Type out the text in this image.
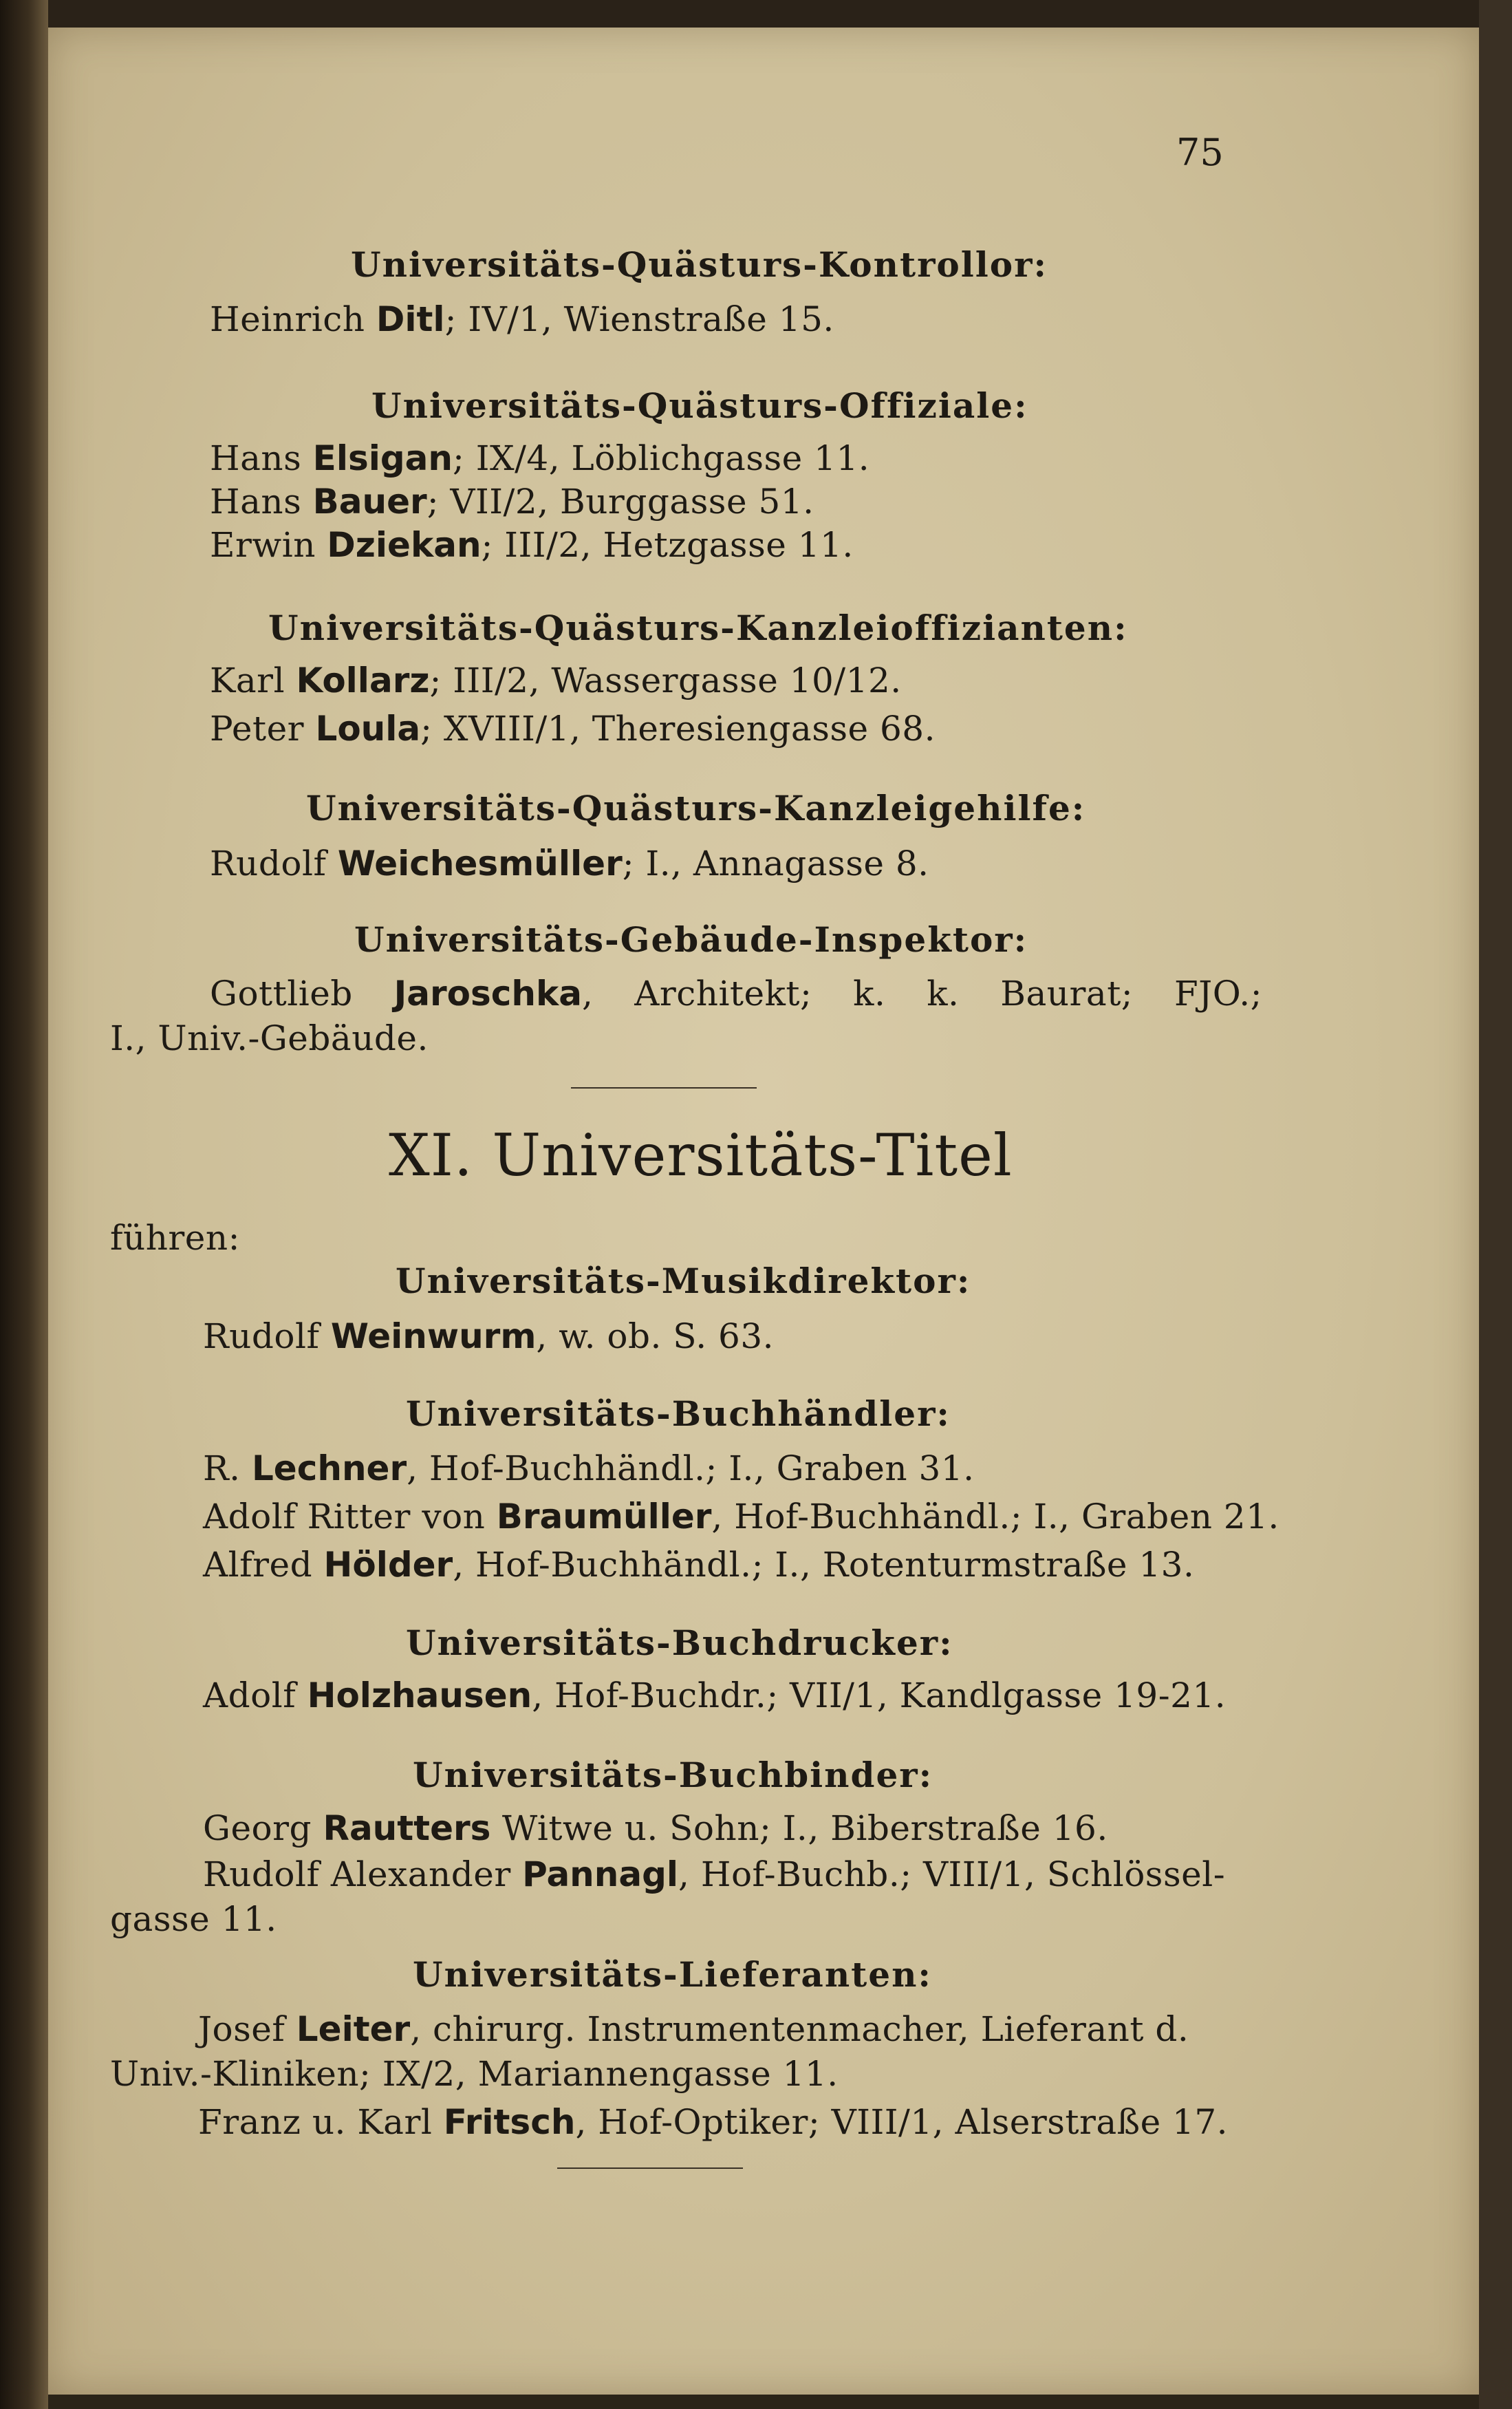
75
Universitäts-Quästurs-Kontrollor:
Heinrich Ditl; IV/1, Wienstraße 15.
Universitäts-Quästurs-Offiziale:
Hans Elsigan; IX/4, Löblichgasse 11.
Hans Bauer; VII/2, Burggasse 51.
Erwin Dziekan; III/2, Hetzgasse 11.
Universitäts-Quästurs-Kanzleioffizianten:
Karl Kollarz; III/2, Wassergasse 10/12.
Peter Loula; XVIII/1, Theresiengasse 68.
Universitäts-Quästurs-Kanzleigehilfe:
Rudolf Weichesmüller; I., Annagasse 8.
Universitäts-Gebäude-Inspektor:
Gottlieb Jaroschka, Architekt; k. k. Baurat; FJO.;
I., Univ.-Gebäude.
XI. Universitäts-Titel
führen:
Universitäts-Musikdirektor:
Rudolf Weinwurm, w. ob. S. 63.
Universitäts-Buchhändler:
R. Lechner, Hof-Buchhändl.; I., Graben 31.
Adolf Ritter von Braumüller, Hof-Buchhändl.; I., Graben 21.
Alfred Hölder, Hof-Buchhändl.; I., Rotenturmstraße 13.
Universitäts-Buchdrucker:
Adolf Holzhausen, Hof-Buchdr.; VII/1, Kandlgasse 19-21.
Universitäts-Buchbinder:
Georg Rautters Witwe u. Sohn; I., Biberstraße 16.
Rudolf Alexander Pannagl, Hof-Buchb.; VIII/1, Schlössel-
gasse 11.
Universitäts-Lieferanten:
Josef Leiter, chirurg. Instrumentenmacher, Lieferant d.
Univ.-Kliniken; IX/2, Mariannengasse 11.
Franz u. Karl Fritsch, Hof-Optiker; VIII/1, Alserstraße 17.
